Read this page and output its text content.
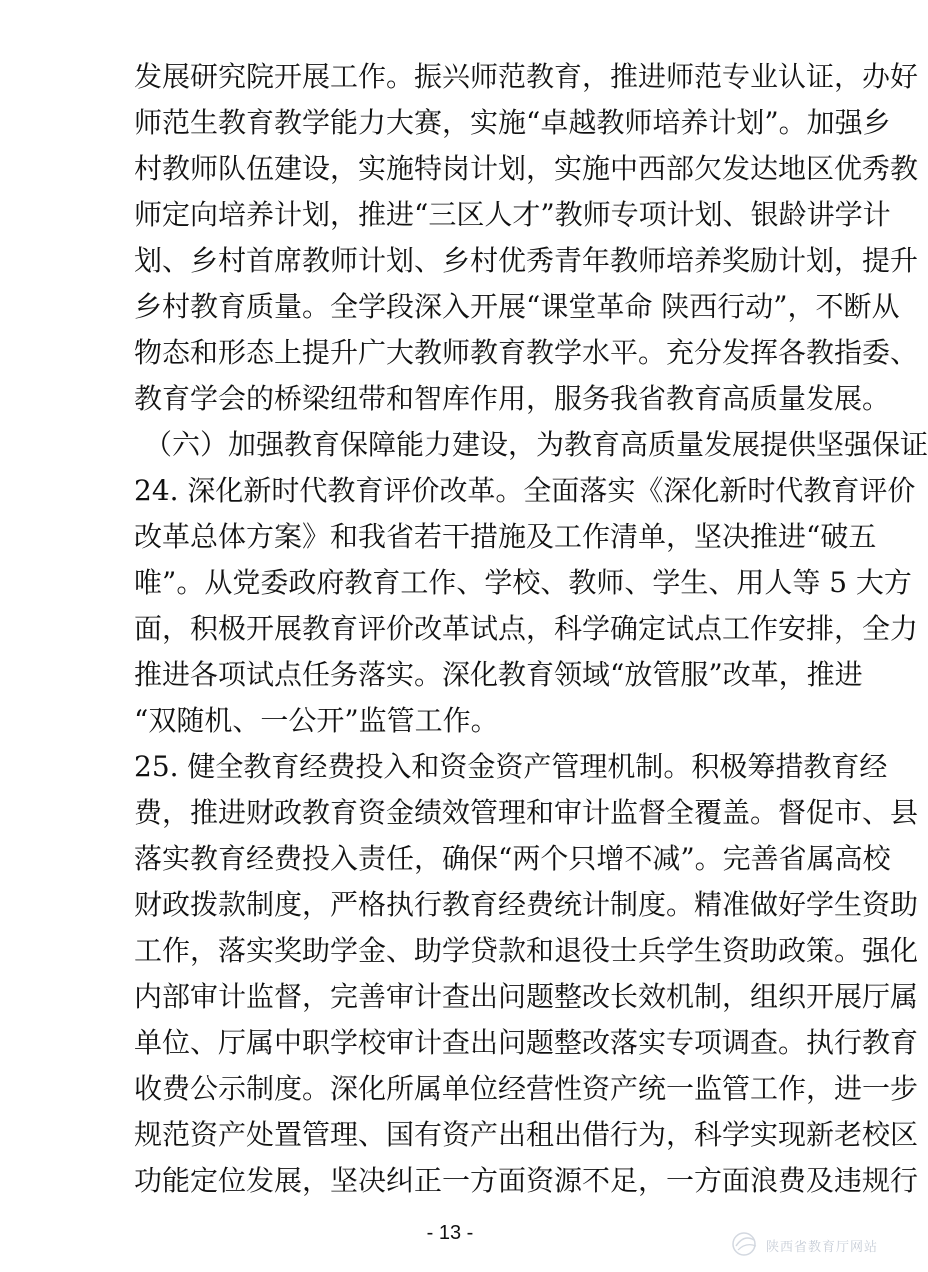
发展研究院开展工作。振兴师范教育，推进师范专业认证，办好
师范生教育教学能力大赛，实施“卓越教师培养计划”。加强乡
村教师队伍建设，实施特岗计划，实施中西部欠发达地区优秀教
师定向培养计划，推进“三区人才”教师专项计划、银龄讲学计
划、乡村首席教师计划、乡村优秀青年教师培养奖励计划，提升
乡村教育质量。全学段深入开展“课堂革命 陕西行动”，不断从
物态和形态上提升广大教师教育教学水平。充分发挥各教指委、
教育学会的桥梁纽带和智库作用，服务我省教育高质量发展。
（六）加强教育保障能力建设，为教育高质量发展提供坚强保证
24. 深化新时代教育评价改革。全面落实《深化新时代教育评价
改革总体方案》和我省若干措施及工作清单，坚决推进“破五
唯”。从党委政府教育工作、学校、教师、学生、用人等 5 大方
面，积极开展教育评价改革试点，科学确定试点工作安排，全力
推进各项试点任务落实。深化教育领域“放管服”改革，推进
“双随机、一公开”监管工作。
25. 健全教育经费投入和资金资产管理机制。积极筹措教育经
费，推进财政教育资金绩效管理和审计监督全覆盖。督促市、县
落实教育经费投入责任，确保“两个只增不减”。完善省属高校
财政拨款制度，严格执行教育经费统计制度。精准做好学生资助
工作，落实奖助学金、助学贷款和退役士兵学生资助政策。强化
内部审计监督，完善审计查出问题整改长效机制，组织开展厅属
单位、厅属中职学校审计查出问题整改落实专项调查。执行教育
收费公示制度。深化所属单位经营性资产统一监管工作，进一步
规范资产处置管理、国有资产出租出借行为，科学实现新老校区
功能定位发展，坚决纠正一方面资源不足，一方面浪费及违规行
- 13 -
陕西省教育厅网站
